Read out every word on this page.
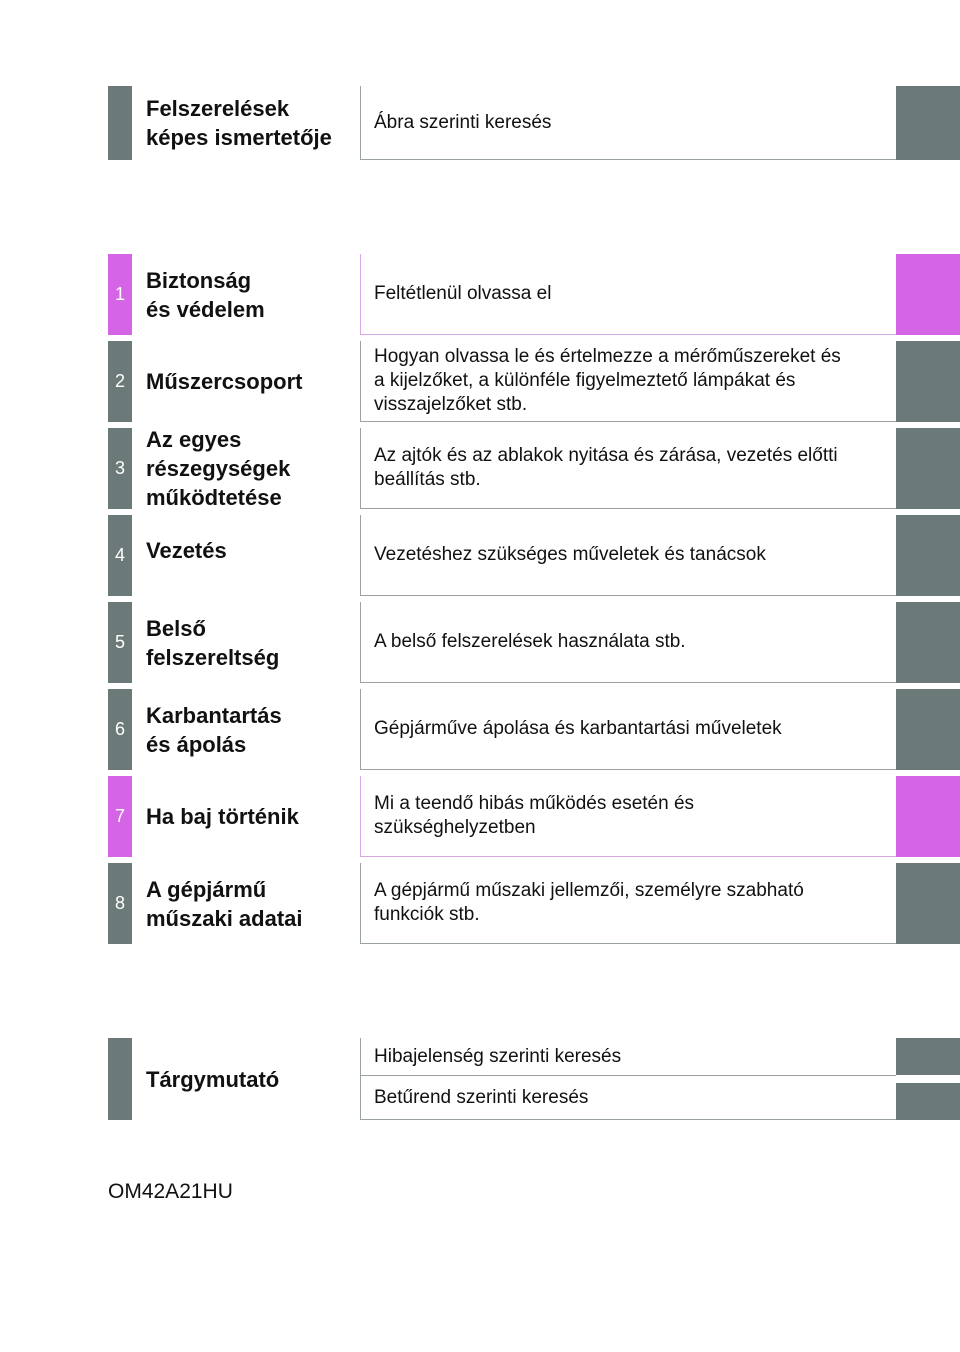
Felszerelések
képes ismertetője
Ábra szerinti keresés
1
Biztonság
és védelem
Feltétlenül olvassa el
2 Műszercsoport
Hogyan olvassa le és értelmezze a mérőműszereket és
a kijelzőket, a különféle figyelmeztető lámpákat és
visszajelzőket stb.
3
Az egyes
részegységek
működtetése
Az ajtók és az ablakok nyitása és zárása, vezetés előtti
beállítás stb.
4 Vezetés	Vezetéshez szükséges műveletek és tanácsok
5
Belső
felszereltség
A belső felszerelések használata stb.
6
Karbantartás
és ápolás
Gépjárműve ápolása és karbantartási műveletek
7 Ha baj történik
Mi a teendő hibás működés esetén és
szükséghelyzetben
8
A gépjármű
műszaki adatai
A gépjármű műszaki jellemzői, személyre szabható
funkciók stb.
Tárgymutató
Hibajelenség szerinti keresés
Betűrend szerinti keresés
OM42A21HU
